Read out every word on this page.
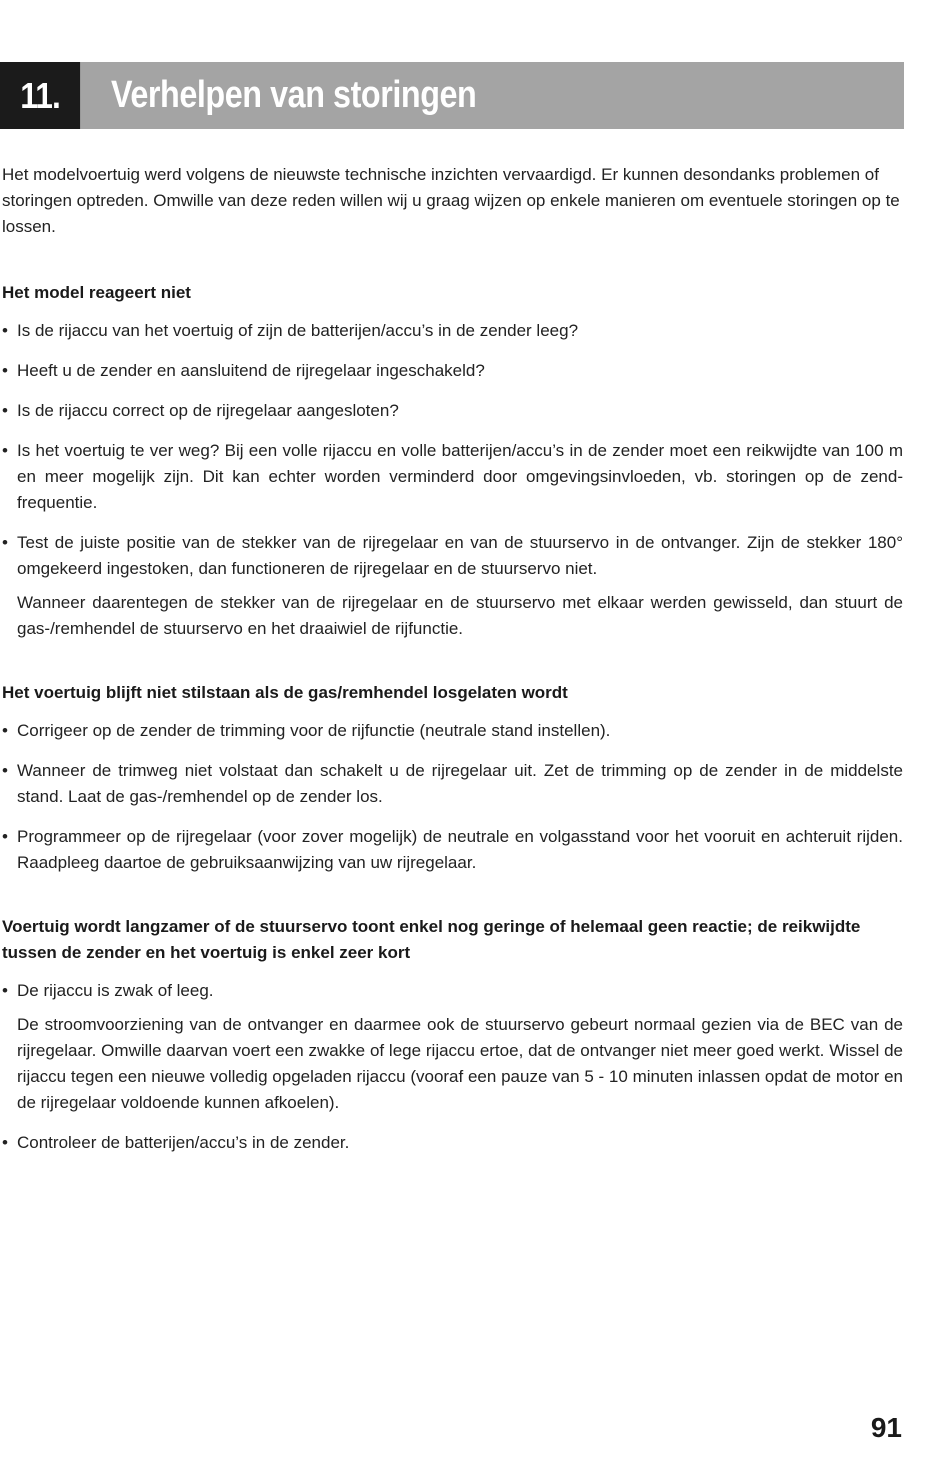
11.	Verhelpen van storingen

Het modelvoertuig werd volgens de nieuwste technische inzichten vervaardigd. Er kunnen desondanks problemen of storingen optreden. Omwille van deze reden willen wij u graag wijzen op enkele manieren om eventuele storingen op te lossen.

Het model reageert niet

• Is de rijaccu van het voertuig of zijn de batterijen/accu’s in de zender leeg?
• Heeft u de zender en aansluitend de rijregelaar ingeschakeld?
• Is de rijaccu correct op de rijregelaar aangesloten?
• Is het voertuig te ver weg? Bij een volle rijaccu en volle batterijen/accu’s in de zender moet een reikwijdte van 100 m en meer mogelijk zijn. Dit kan echter worden verminderd door omgevingsinvloeden, vb. storingen op de zend-frequentie.
• Test de juiste positie van de stekker van de rijregelaar en van de stuurservo in de ontvanger. Zijn de stekker 180° omgekeerd ingestoken, dan functioneren de rijregelaar en de stuurservo niet.

Wanneer daarentegen de stekker van de rijregelaar en de stuurservo met elkaar werden gewisseld, dan stuurt de gas-/remhendel de stuurservo en het draaiwiel de rijfunctie.

Het voertuig blijft niet stilstaan als de gas/remhendel losgelaten wordt

• Corrigeer op de zender de trimming voor de rijfunctie (neutrale stand instellen).
• Wanneer de trimweg niet volstaat dan schakelt u de rijregelaar uit. Zet de trimming op de zender in de middelste stand. Laat de gas-/remhendel op de zender los.
• Programmeer op de rijregelaar (voor zover mogelijk) de neutrale en volgasstand voor het vooruit en achteruit rijden. Raadpleeg daartoe de gebruiksaanwijzing van uw rijregelaar.

Voertuig wordt langzamer of de stuurservo toont enkel nog geringe of helemaal geen reactie; de reikwijdte tussen de zender en het voertuig is enkel zeer kort

• De rijaccu is zwak of leeg.

De stroomvoorziening van de ontvanger en daarmee ook de stuurservo gebeurt normaal gezien via de BEC van de rijregelaar. Omwille daarvan voert een zwakke of lege rijaccu ertoe, dat de ontvanger niet meer goed werkt. Wissel de rijaccu tegen een nieuwe volledig opgeladen rijaccu (vooraf een pauze van 5 - 10 minuten inlassen opdat de motor en de rijregelaar voldoende kunnen afkoelen).

• Controleer de batterijen/accu’s in de zender.
91
